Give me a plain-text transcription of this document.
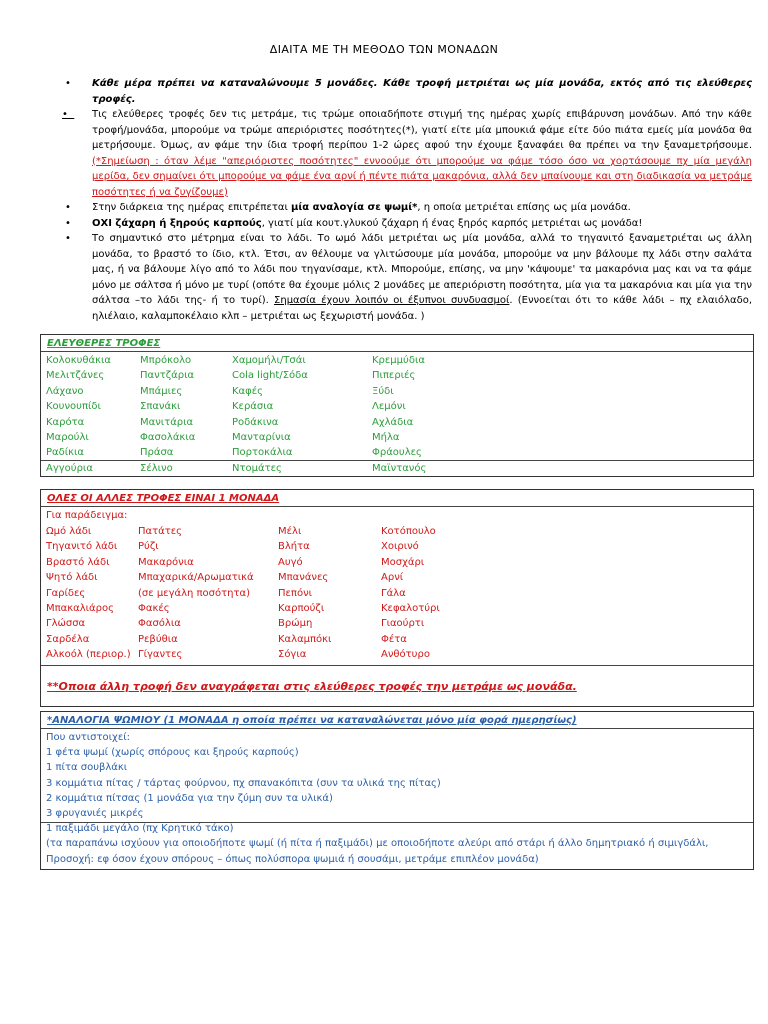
ΔΙΑΙΤΑ ΜΕ ΤΗ ΜΕΘΟΔΟ ΤΩΝ ΜΟΝΑΔΩΝ
•	Κάθε μέρα πρέπει να καταναλώνουμε 5 μονάδες. Κάθε τροφή μετριέται ως μία μονάδα, εκτός από τις ελεύθερες τροφές.
• Τις ελεύθερες τροφές δεν τις μετράμε, τις τρώμε οποιαδήποτε στιγμή της ημέρας χωρίς επιβάρυνση μονάδων. Από την κάθε τροφή/μονάδα, μπορούμε να τρώμε απεριόριστες ποσότητες(*), γιατί είτε μία μπουκιά φάμε είτε δύο πιάτα εμείς μία μονάδα θα μετρήσουμε. Όμως, αν φάμε την ίδια τροφή περίπου 1-2 ώρες αφού την έχουμε ξαναφάει θα πρέπει να την ξαναμετρήσουμε. (*Σημείωση : όταν λέμε "απεριόριστες ποσότητες" εννοούμε ότι μπορούμε να φάμε τόσο όσο να χορτάσουμε πχ μία μεγάλη μερίδα, δεν σημαίνει ότι μπορούμε να φάμε ένα αρνί ή πέντε πιάτα μακαρόνια, αλλά δεν μπαίνουμε και στη διαδικασία να μετράμε ποσότητες ή να ζυγίζουμε)
•	Στην διάρκεια της ημέρας επιτρέπεται μία αναλογία σε ψωμί*, η οποία μετριέται επίσης ως μία μονάδα.
•	ΟΧΙ ζάχαρη ή ξηρούς καρπούς, γιατί μία κουτ.γλυκού ζάχαρη ή ένας ξηρός καρπός μετριέται ως μονάδα!
•	Το σημαντικό στο μέτρημα είναι το λάδι. Το ωμό λάδι μετριέται ως μία μονάδα, αλλά το τηγανιτό ξαναμετριέται ως άλλη μονάδα, το βραστό το ίδιο, κτλ. Έτσι, αν θέλουμε να γλιτώσουμε μία μονάδα, μπορούμε να μην βάλουμε πχ λάδι στην σαλάτα μας, ή να βάλουμε λίγο από το λάδι που τηγανίσαμε, κτλ. Μπορούμε, επίσης, να μην 'κάψουμε' τα μακαρόνια μας και να τα φάμε μόνο με σάλτσα ή μόνο με τυρί (οπότε θα έχουμε μόλις 2 μονάδες με απεριόριστη ποσότητα, μία για τα μακαρόνια και μία για την σάλτσα –το λάδι της- ή το τυρί). Σημασία έχουν λοιπόν οι έξυπνοι συνδυασμοί. (Εννοείται ότι το κάθε λάδι – πχ ελαιόλαδο, ηλιέλαιο, καλαμποκέλαιο κλπ – μετριέται ως ξεχωριστή μονάδα. )
ΕΛΕΥΘΕΡΕΣ ΤΡΟΦΕΣ
Κολοκυθάκια	Μπρόκολο	Χαμομήλι/Τσάι	Κρεμμύδια
Μελιτζάνες	Παντζάρια	Cola light/Σόδα	Πιπεριές
Λάχανο	Μπάμιες	Καφές	Ξύδι
Κουνουπίδι	Σπανάκι	Κεράσια	Λεμόνι
Καρότα	Μανιτάρια	Ροδάκινα	Αχλάδια
Μαρούλι	Φασολάκια	Μανταρίνια	Μήλα
Ραδίκια	Πράσα	Πορτοκάλια	Φράουλες
Αγγούρια	Σέλινο	Ντομάτες	Μαϊντανός
ΟΛΕΣ ΟΙ ΑΛΛΕΣ ΤΡΟΦΕΣ ΕΙΝΑΙ 1 ΜΟΝΑΔΑ
Για παράδειγμα:
Ωμό λάδι	Πατάτες	Μέλι	Κοτόπουλο
Τηγανιτό λάδι	Ρύζι	Βλήτα	Χοιρινό
Βραστό λάδι	Μακαρόνια	Αυγό	Μοσχάρι
Ψητό λάδι	Μπαχαρικά/Αρωματικά	Μπανάνες	Αρνί
Γαρίδες	(σε μεγάλη ποσότητα)	Πεπόνι	Γάλα
Μπακαλιάρος	Φακές	Καρπούζι	Κεφαλοτύρι
Γλώσσα	Φασόλια	Βρώμη	Γιαούρτι
Σαρδέλα	Ρεβύθια	Καλαμπόκι	Φέτα
Αλκοόλ (περιορ.) Γίγαντες	Σόγια	Ανθότυρο
**Οποια άλλη τροφή δεν αναγράφεται στις ελεύθερες τροφές την μετράμε ως μονάδα.
*ΑΝΑΛΟΓΙΑ ΨΩΜΙΟΥ (1 ΜΟΝΑΔΑ η οποία πρέπει να καταναλώνεται μόνο μία φορά ημερησίως)
Που αντιστοιχεί:
1 φέτα ψωμί (χωρίς σπόρους και ξηρούς καρπούς)
1 πίτα σουβλάκι
3 κομμάτια πίτας / τάρτας φούρνου, πχ σπανακόπιτα (συν τα υλικά της πίτας)
2 κομμάτια πίτσας (1 μονάδα για την ζύμη συν τα υλικά)
3 φρυγανιές μικρές
1 παξιμάδι μεγάλο (πχ Κρητικό τάκο)
(τα παραπάνω ισχύουν για οποιοδήποτε ψωμί (ή πίτα ή παξιμάδι) με οποιοδήποτε αλεύρι από στάρι ή άλλο δημητριακό ή σιμιγδάλι,
Προσοχή: εφ όσον έχουν σπόρους – όπως πολύσπορα ψωμιά ή σουσάμι, μετράμε επιπλέον μονάδα)
